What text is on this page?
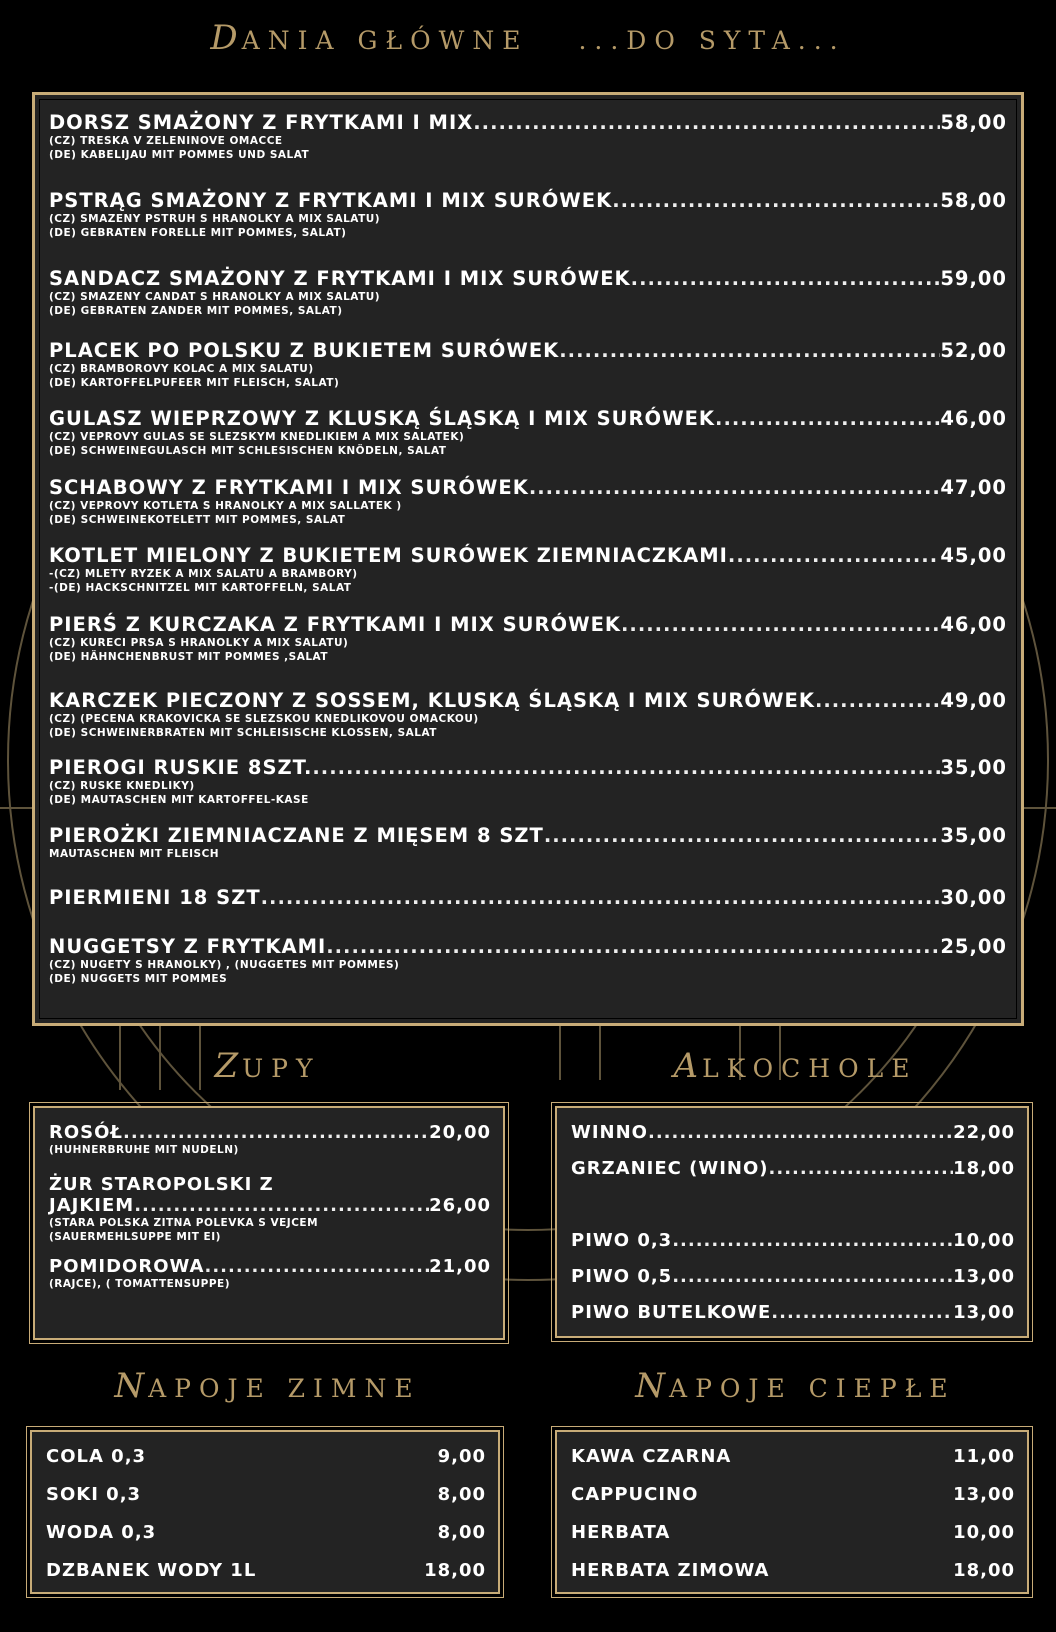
DANIA GŁÓWNE ...DO SYTA...
DORSZ SMAŻONY Z FRYTKAMI I MIX .....	58,00
(CZ) TRESKA V ZELENINOVE OMACCE
(DE) KABELIJAU MIT POMMES UND SALAT
PSTRĄG SMAŻONY Z FRYTKAMI I MIX SURÓWEK .....	58,00
(CZ) SMAZENY PSTRUH S HRANOLKY A MIX SALATU)
(DE) GEBRATEN FORELLE MIT POMMES, SALAT)
SANDACZ SMAŻONY Z FRYTKAMI I MIX SURÓWEK .....	59,00
(CZ) SMAZENY CANDAT S HRANOLKY A MIX SALATU)
(DE) GEBRATEN ZANDER MIT POMMES, SALAT)
PLACEK PO POLSKU Z BUKIETEM SURÓWEK .....	52,00
(CZ) BRAMBOROVY KOLAC A MIX SALATU)
(DE) KARTOFFELPUFEER MIT FLEISCH, SALAT)
GULASZ WIEPRZOWY Z KLUSKĄ ŚLĄSKĄ I MIX SURÓWEK .....	46,00
(CZ) VEPROVY GULAS SE SLEZSKYM KNEDLIKIEM A MIX SALATEK)
(DE) SCHWEINEGULASCH MIT SCHLESISCHEN KNÖDELN, SALAT
SCHABOWY Z FRYTKAMI I MIX SURÓWEK .....	47,00
(CZ) VEPROVY KOTLETA S HRANOLKY A MIX SALLATEK )
(DE) SCHWEINEKOTELETT MIT POMMES, SALAT
KOTLET MIELONY Z BUKIETEM SURÓWEK ZIEMNIACZKAMI .....	45,00
-(CZ) MLETY RYZEK A MIX SALATU A BRAMBORY)
-(DE) HACKSCHNITZEL MIT KARTOFFELN, SALAT
PIERŚ Z KURCZAKA Z FRYTKAMI I MIX SURÓWEK .....	46,00
(CZ) KURECI PRSA S HRANOLKY A MIX SALATU)
(DE) HÄHNCHENBRUST MIT POMMES ,SALAT
KARCZEK PIECZONY Z SOSSEM, KLUSKĄ ŚLĄSKĄ I MIX SURÓWEK .....	49,00
(CZ) (PECENA KRAKOVICKA SE SLEZSKOU KNEDLIKOVOU OMACKOU)
(DE) SCHWEINERBRATEN MIT SCHLEISISCHE KLOSSEN, SALAT
PIEROGI RUSKIE 8SZT. .....	35,00
(CZ) RUSKE KNEDLIKY)
(DE) MAUTASCHEN MIT KARTOFFEL-KASE
PIEROŻKI ZIEMNIACZANE Z MIĘSEM 8 SZT .....	35,00
MAUTASCHEN MIT FLEISCH
PIERMIENI 18 SZT .....	30,00
NUGGETSY Z FRYTKAMI .....	25,00
(CZ) NUGETY S HRANOLKY) , (NUGGETES MIT POMMES)
(DE) NUGGETS MIT POMMES
ZUPY
ROSÓŁ .....	20,00
(HUHNERBRUHE MIT NUDELN)
ŻUR STAROPOLSKI Z
JAJKIEM .....	26,00
(STARA POLSKA ZITNA POLEVKA S VEJCEM
(SAUERMEHLSUPPE MIT EI)
POMIDOROWA .....	21,00
(RAJCE), ( TOMATTENSUPPE)
ALKOCHOLE
WINNO .....	22,00
GRZANIEC (WINO) .....	18,00
PIWO 0,3 .....	10,00
PIWO 0,5 .....	13,00
PIWO BUTELKOWE .....	13,00
NAPOJE ZIMNE
COLA 0,3	9,00
SOKI 0,3	8,00
WODA 0,3	8,00
DZBANEK WODY 1L	18,00
NAPOJE CIEPŁE
KAWA CZARNA	11,00
CAPPUCINO	13,00
HERBATA	10,00
HERBATA ZIMOWA	18,00
